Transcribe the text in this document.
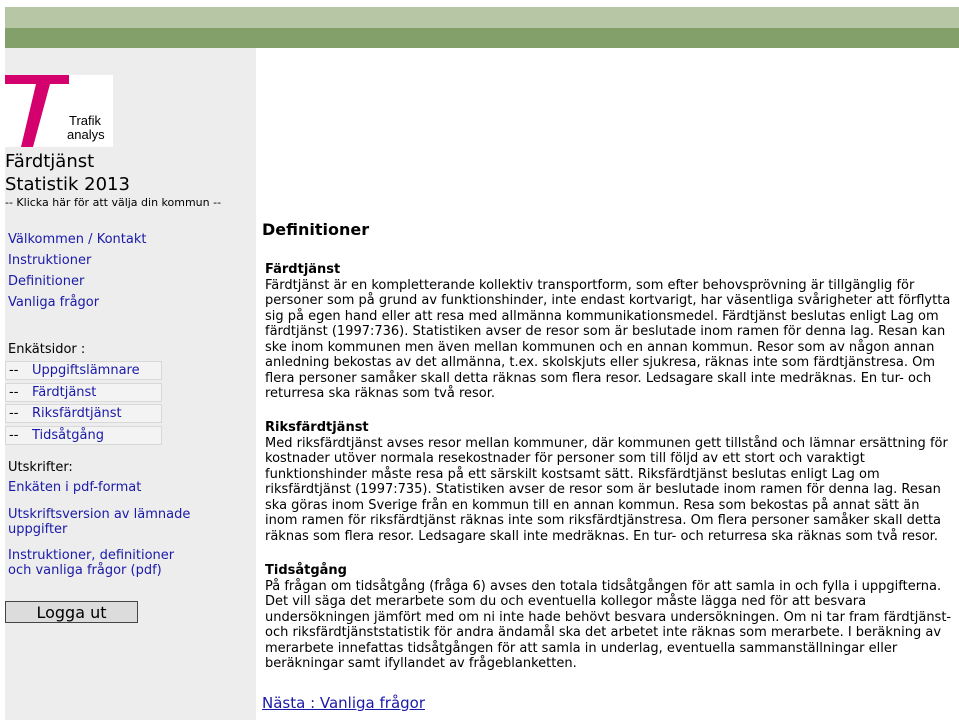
Trafik
analys
Färdtjänst
Statistik 2013
-- Klicka här för att välja din kommun --
Välkommen / Kontakt
Instruktioner
Definitioner
Vanliga frågor
Enkätsidor :
-- Uppgiftslämnare
-- Färdtjänst
-- Riksfärdtjänst
-- Tidsåtgång
Utskrifter:
Enkäten i pdf-format
Utskriftsversion av lämnade uppgifter
Instruktioner, definitioner och vanliga frågor (pdf)
Logga ut
Definitioner
Färdtjänst

Färdtjänst är en kompletterande kollektiv transportform, som efter behovsprövning är tillgänglig för personer som på grund av funktionshinder, inte endast kortvarigt, har väsentliga svårigheter att förflytta sig på egen hand eller att resa med allmänna kommunikationsmedel. Färdtjänst beslutas enligt Lag om färdtjänst (1997:736). Statistiken avser de resor som är beslutade inom ramen för denna lag. Resan kan ske inom kommunen men även mellan kommunen och en annan kommun. Resor som av någon annan anledning bekostas av det allmänna, t.ex. skolskjuts eller sjukresa, räknas inte som färdtjänstresa. Om flera personer samåker skall detta räknas som flera resor. Ledsagare skall inte medräknas. En tur- och returresa ska räknas som två resor.

Riksfärdtjänst

Med riksfärdtjänst avses resor mellan kommuner, där kommunen gett tillstånd och lämnar ersättning för kostnader utöver normala resekostnader för personer som till följd av ett stort och varaktigt funktionshinder måste resa på ett särskilt kostsamt sätt. Riksfärdtjänst beslutas enligt Lag om riksfärdtjänst (1997:735). Statistiken avser de resor som är beslutade inom ramen för denna lag. Resan ska göras inom Sverige från en kommun till en annan kommun. Resa som bekostas på annat sätt än inom ramen för riksfärdtjänst räknas inte som riksfärdtjänstresa. Om flera personer samåker skall detta räknas som flera resor. Ledsagare skall inte medräknas. En tur- och returresa ska räknas som två resor.

Tidsåtgång

På frågan om tidsåtgång (fråga 6) avses den totala tidsåtgången för att samla in och fylla i uppgifterna. Det vill säga det merarbete som du och eventuella kollegor måste lägga ned för att besvara undersökningen jämfört med om ni inte hade behövt besvara undersökningen. Om ni tar fram färdtjänst- och riksfärdtjänststatistik för andra ändamål ska det arbetet inte räknas som merarbete. I beräkning av merarbete innefattas tidsåtgången för att samla in underlag, eventuella sammanställningar eller beräkningar samt ifyllandet av frågeblanketten.

Nästa : Vanliga frågor
